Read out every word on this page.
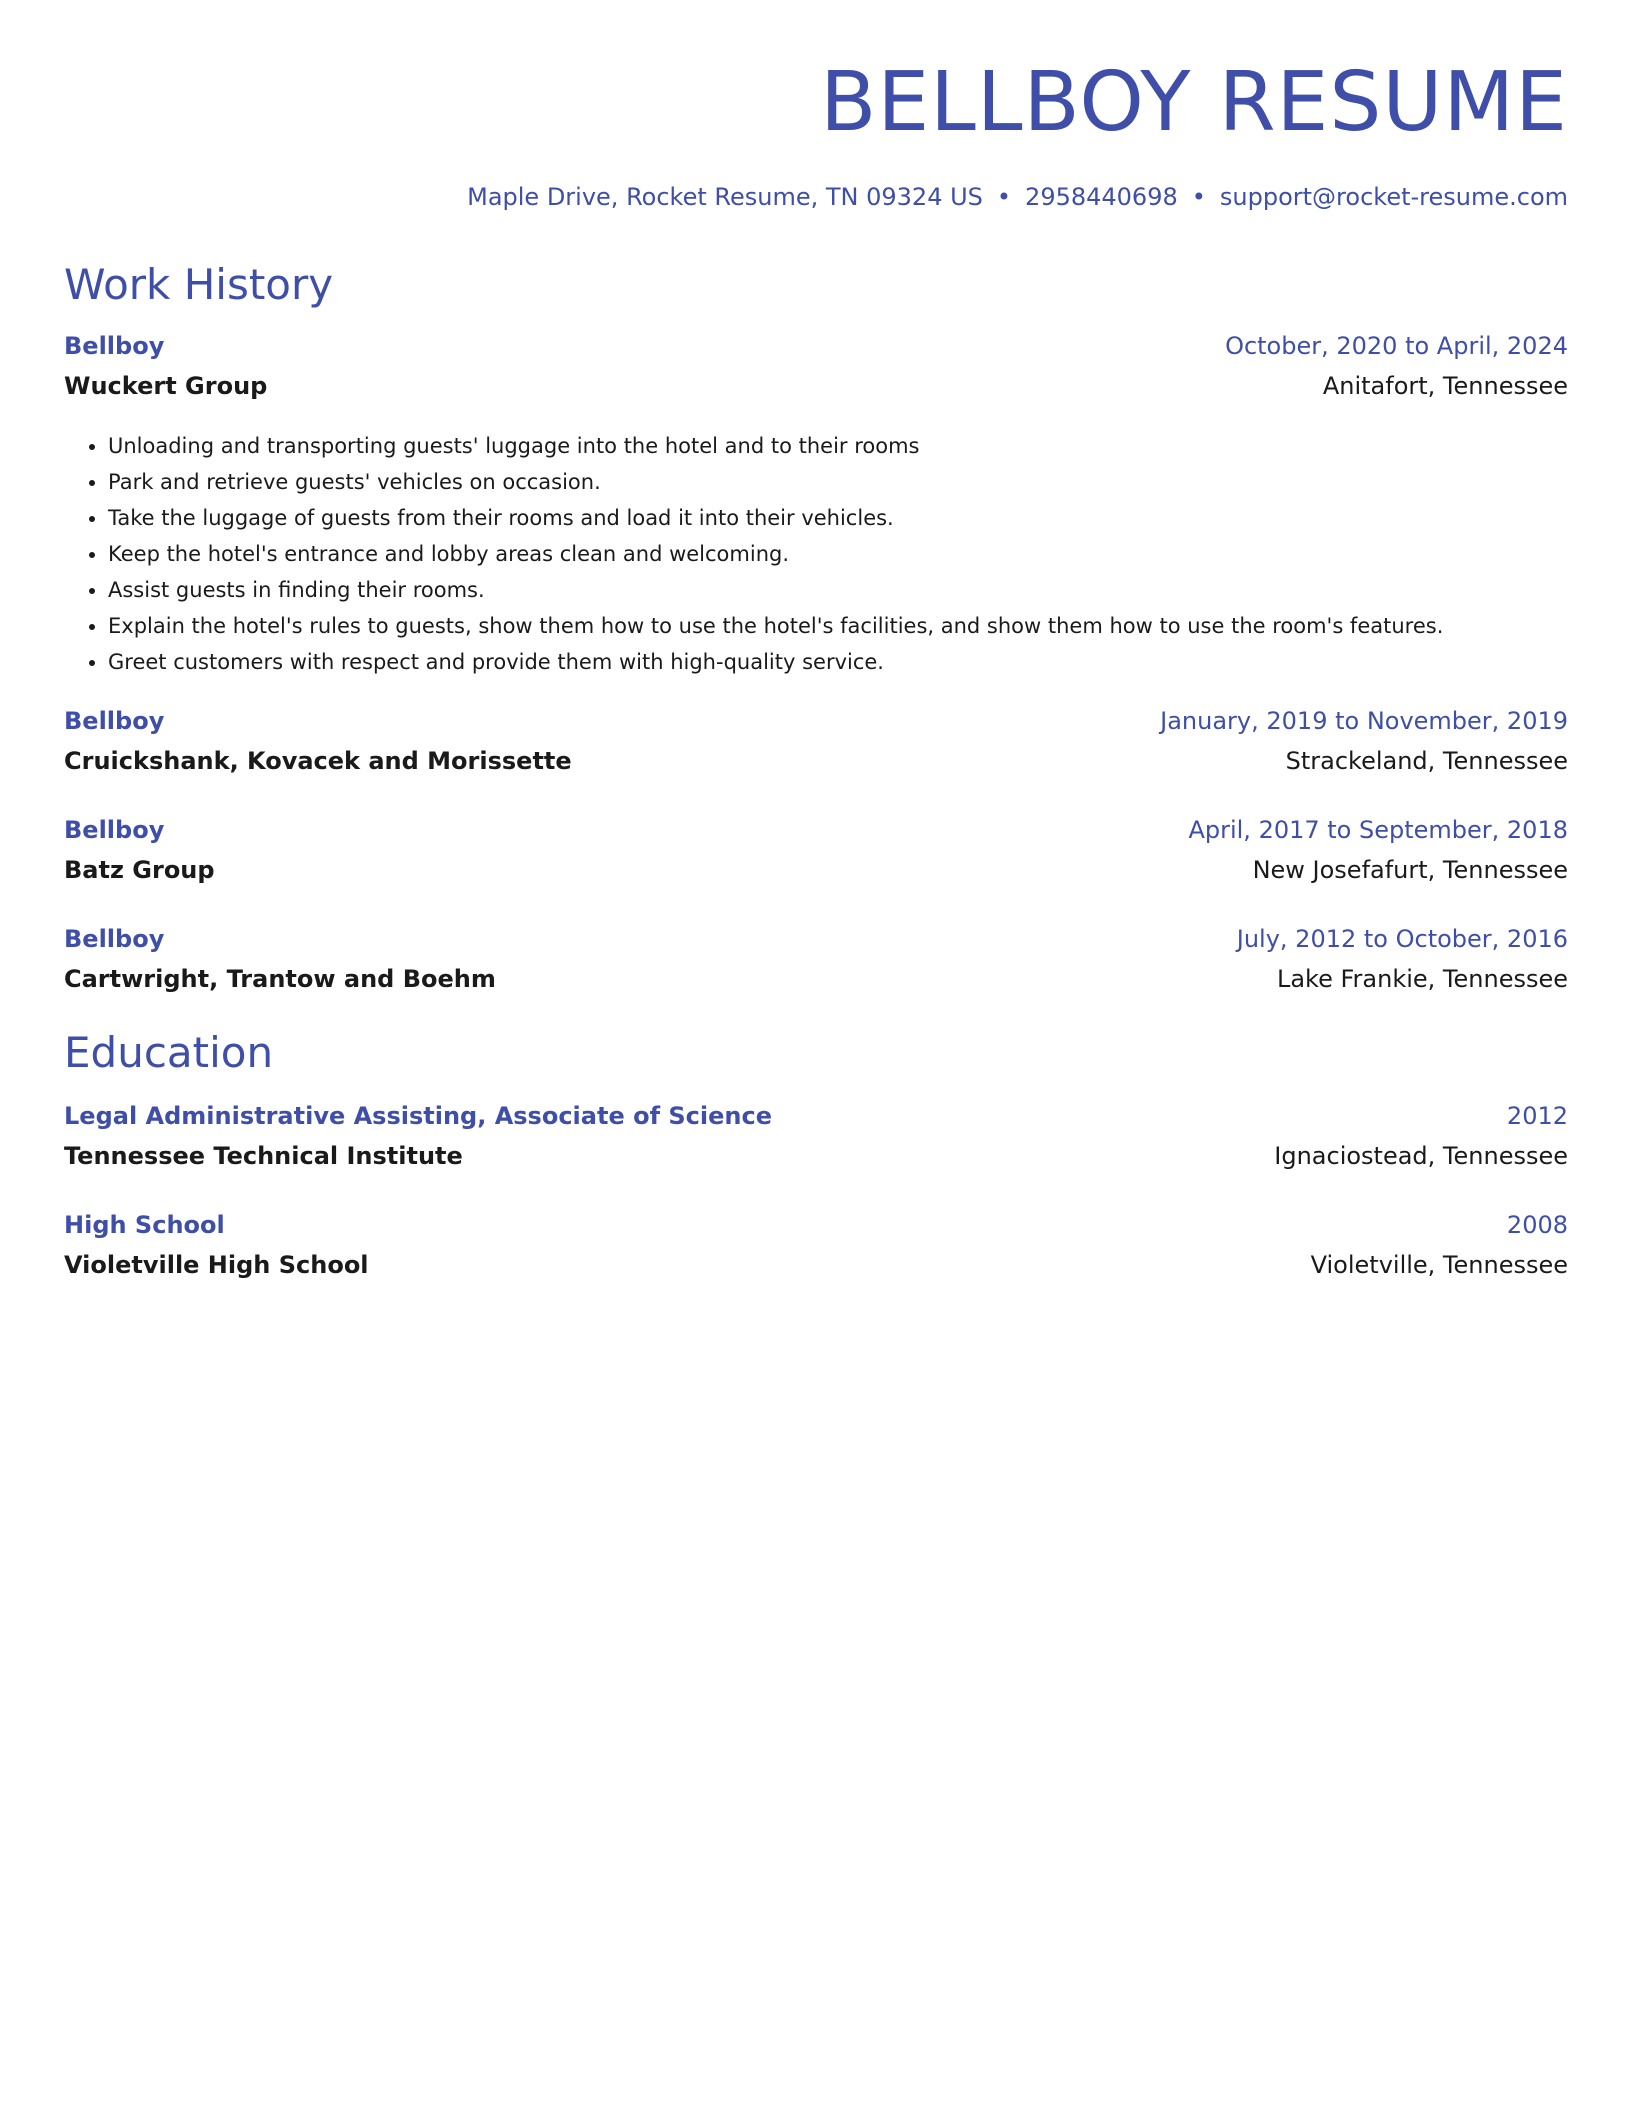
BELLBOY RESUME
Maple Drive, Rocket Resume, TN 09324 US • 2958440698 • support@rocket-resume.com
Work History
Bellboy	October, 2020 to April, 2024
Wuckert Group	Anitafort, Tennessee
• Unloading and transporting guests' luggage into the hotel and to their rooms
• Park and retrieve guests' vehicles on occasion.
• Take the luggage of guests from their rooms and load it into their vehicles.
• Keep the hotel's entrance and lobby areas clean and welcoming.
• Assist guests in finding their rooms.
• Explain the hotel's rules to guests, show them how to use the hotel's facilities, and show them how to use the room's features.
• Greet customers with respect and provide them with high-quality service.
Bellboy	January, 2019 to November, 2019
Cruickshank, Kovacek and Morissette	Strackeland, Tennessee
Bellboy	April, 2017 to September, 2018
Batz Group	New Josefafurt, Tennessee
Bellboy	July, 2012 to October, 2016
Cartwright, Trantow and Boehm	Lake Frankie, Tennessee
Education
Legal Administrative Assisting, Associate of Science	2012
Tennessee Technical Institute	Ignaciostead, Tennessee
High School	2008
Violetville High School	Violetville, Tennessee
